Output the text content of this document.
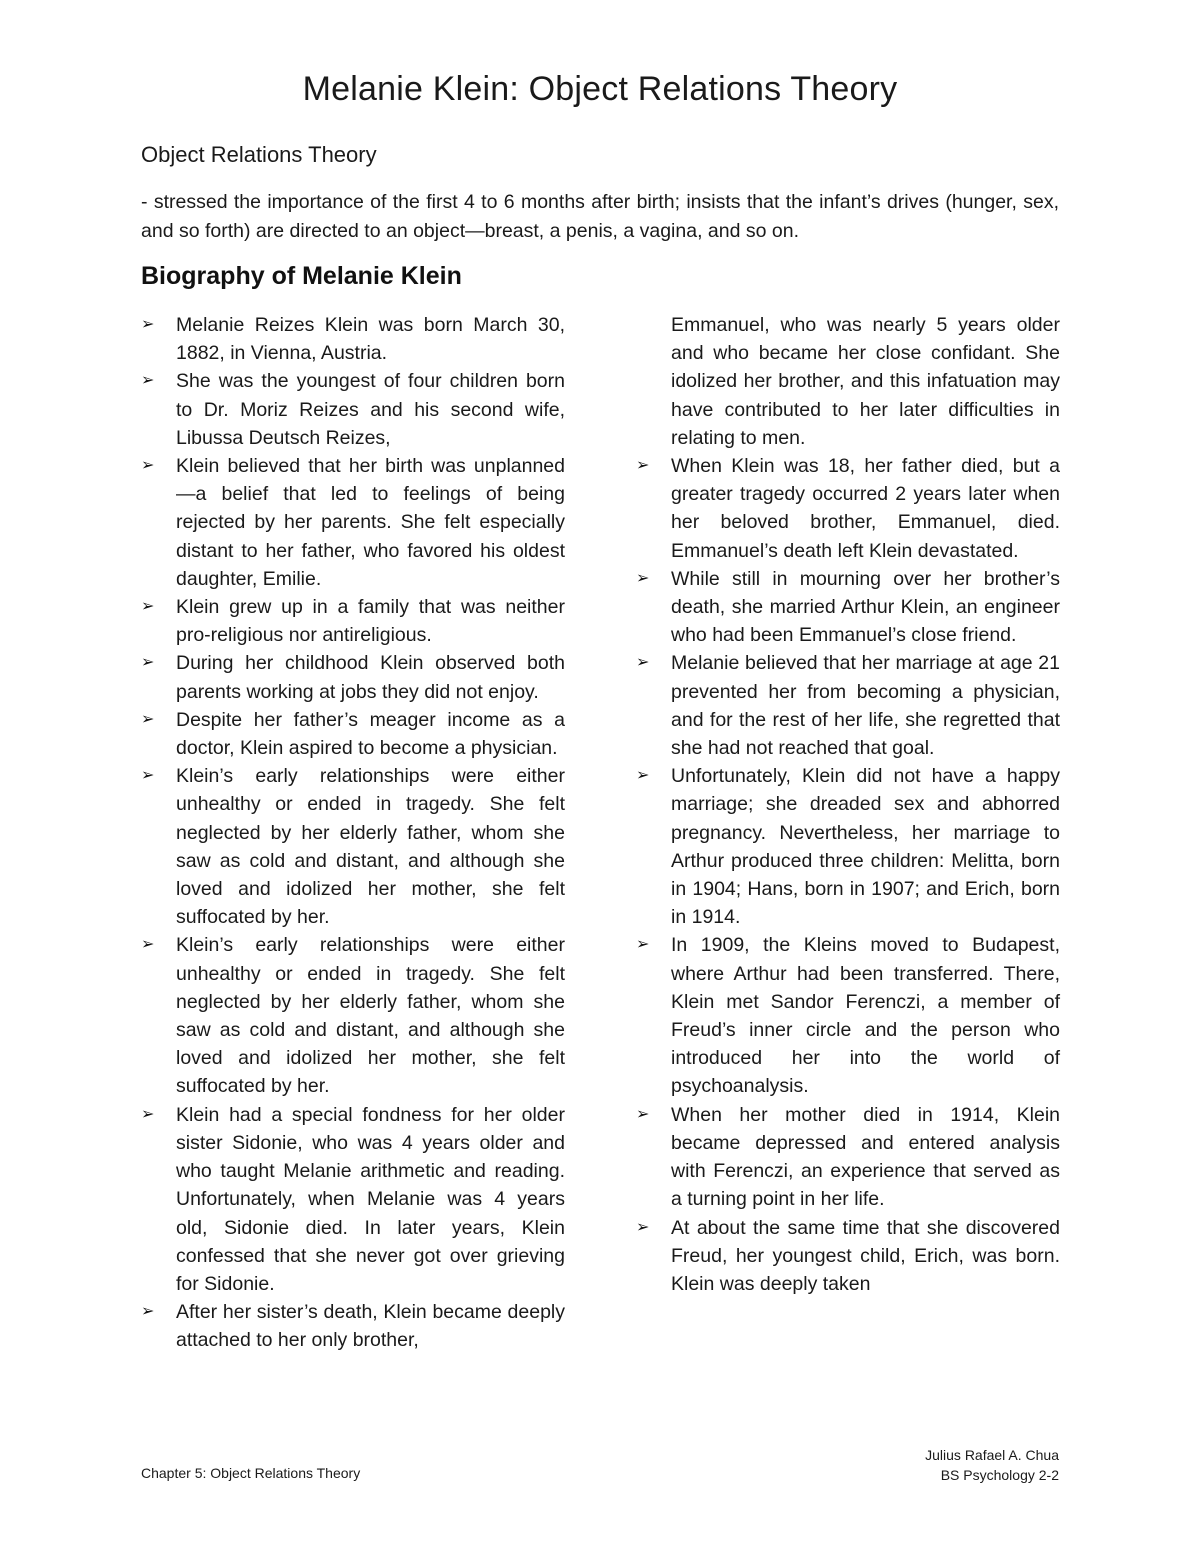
Melanie Klein: Object Relations Theory
Object Relations Theory
- stressed the importance of the first 4 to 6 months after birth; insists that the infant’s drives (hunger, sex, and so forth) are directed to an object—breast, a penis, a vagina, and so on.
Biography of Melanie Klein
➢	Melanie Reizes Klein was born March 30, 1882, in Vienna, Austria.
➢	She was the youngest of four children born to Dr. Moriz Reizes and his second wife, Libussa Deutsch Reizes,
➢	Klein believed that her birth was unplanned—a belief that led to feelings of being rejected by her parents. She felt especially distant to her father, who favored his oldest daughter, Emilie.
➢	Klein grew up in a family that was neither pro-religious nor antireligious.
➢	During her childhood Klein observed both parents working at jobs they did not enjoy.
➢	Despite her father’s meager income as a doctor, Klein aspired to become a physician.
➢	Klein’s early relationships were either unhealthy or ended in tragedy. She felt neglected by her elderly father, whom she saw as cold and distant, and although she loved and idolized her mother, she felt suffocated by her.
➢	Klein’s early relationships were either unhealthy or ended in tragedy. She felt neglected by her elderly father, whom she saw as cold and distant, and although she loved and idolized her mother, she felt suffocated by her.
➢	Klein had a special fondness for her older sister Sidonie, who was 4 years older and who taught Melanie arithmetic and reading. Unfortunately, when Melanie was 4 years old, Sidonie died. In later years, Klein confessed that she never got over grieving for Sidonie.
➢	After her sister’s death, Klein became deeply attached to her only brother,
Emmanuel, who was nearly 5 years older and who became her close confidant. She idolized her brother, and this infatuation may have contributed to her later difficulties in relating to men.
➢	When Klein was 18, her father died, but a greater tragedy occurred 2 years later when her beloved brother, Emmanuel, died. Emmanuel’s death left Klein devastated.
➢	While still in mourning over her brother’s death, she married Arthur Klein, an engineer who had been Emmanuel’s close friend.
➢	Melanie believed that her marriage at age 21 prevented her from becoming a physician, and for the rest of her life, she regretted that she had not reached that goal.
➢	Unfortunately, Klein did not have a happy marriage; she dreaded sex and abhorred pregnancy. Nevertheless, her marriage to Arthur produced three children: Melitta, born in 1904; Hans, born in 1907; and Erich, born in 1914.
➢	In 1909, the Kleins moved to Budapest, where Arthur had been transferred. There, Klein met Sandor Ferenczi, a member of Freud’s inner circle and the person who introduced her into the world of psychoanalysis.
➢	When her mother died in 1914, Klein became depressed and entered analysis with Ferenczi, an experience that served as a turning point in her life.
➢	At about the same time that she discovered Freud, her youngest child, Erich, was born. Klein was deeply taken
Chapter 5: Object Relations Theory
Julius Rafael A. Chua
BS Psychology 2-2
